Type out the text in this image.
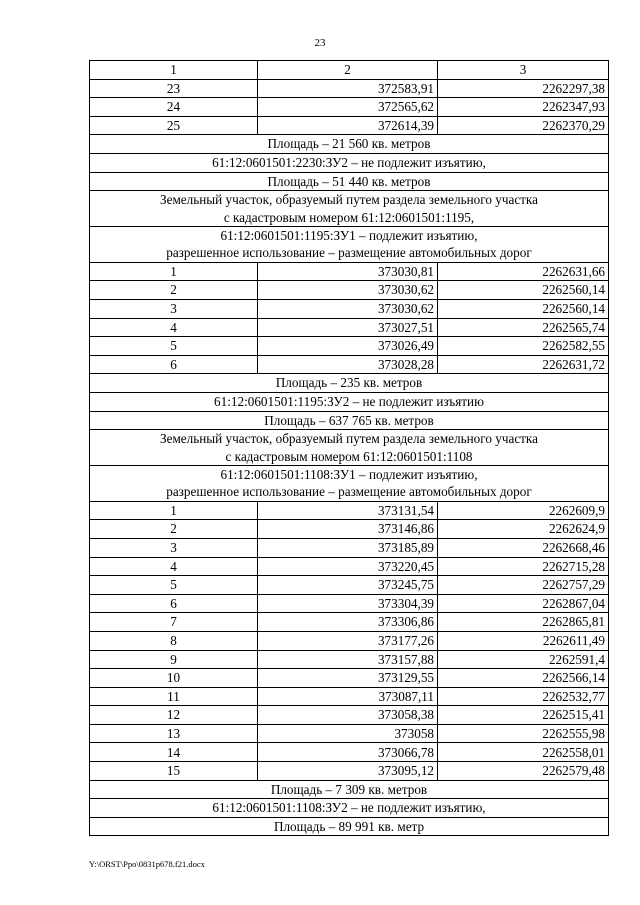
23
1	2	3
23	372583,91	2262297,38
24	372565,62	2262347,93
25	372614,39	2262370,29
Площадь – 21 560 кв. метров		
61:12:0601501:2230:ЗУ2 – не подлежит изъятию,		
Площадь – 51 440 кв. метров		

Земельный участок, образуемый путем раздела земельного участка
с кадастровым номером 61:12:0601501:1195,		

61:12:0601501:1195:ЗУ1 – подлежит изъятию,
разрешенное использование – размещение автомобильных дорог		

1	373030,81	2262631,66
2	373030,62	2262560,14
3	373030,62	2262560,14
4	373027,51	2262565,74
5	373026,49	2262582,55
6	373028,28	2262631,72
Площадь – 235 кв. метров		
61:12:0601501:1195:ЗУ2 – не подлежит изъятию		
Площадь – 637 765 кв. метров		

Земельный участок, образуемый путем раздела земельного участка
с кадастровым номером 61:12:0601501:1108		

61:12:0601501:1108:ЗУ1 – подлежит изъятию,
разрешенное использование – размещение автомобильных дорог		

1	373131,54	2262609,9
2	373146,86	2262624,9
3	373185,89	2262668,46
4	373220,45	2262715,28
5	373245,75	2262757,29
6	373304,39	2262867,04
7	373306,86	2262865,81
8	373177,26	2262611,49
9	373157,88	2262591,4
10	373129,55	2262566,14
11	373087,11	2262532,77
12	373058,38	2262515,41
13	373058	2262555,98
14	373066,78	2262558,01
15	373095,12	2262579,48
Площадь – 7 309 кв. метров		
61:12:0601501:1108:ЗУ2 – не подлежит изъятию,		
Площадь – 89 991 кв. метр		
Y:\ORST\Ppo\0831p678.f21.docx
